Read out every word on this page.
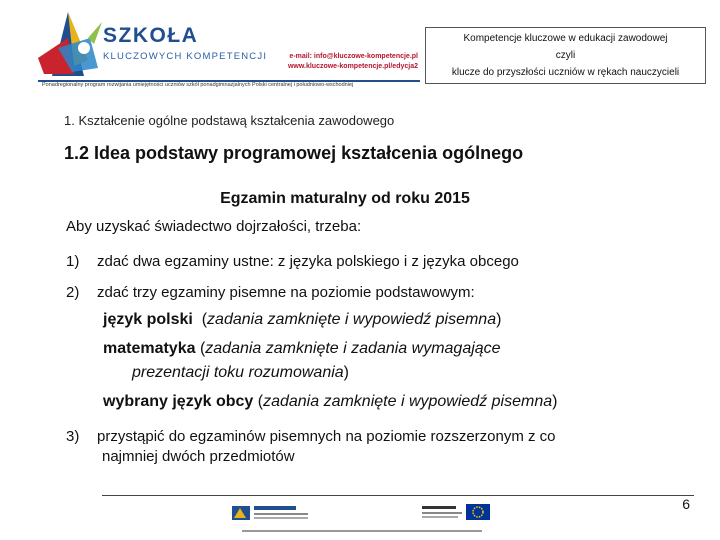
SZKOŁA
KLUCZOWYCH KOMPETENCJI	e-mail: info@kluczowe-kompetencje.pl
www.kluczowe-kompetencje.pl/edycja2
Ponadregionalny program rozwijania umiejętności uczniów szkół ponadgimnazjalnych Polski centralnej i południowo-wschodniej
Kompetencje kluczowe w edukacji zawodowej
czyli
klucze do przyszłości uczniów w rękach nauczycieli
1. Kształcenie ogólne podstawą kształcenia zawodowego
1.2 Idea podstawy programowej kształcenia ogólnego
Egzamin maturalny od roku 2015
Aby uzyskać świadectwo dojrzałości, trzeba:
1) zdać dwa egzaminy ustne: z języka polskiego i z języka obcego
2) zdać trzy egzaminy pisemne na poziomie podstawowym:
język polski (zadania zamknięte i wypowiedź pisemna)
matematyka (zadania zamknięte i zadania wymagające
prezentacji toku rozumowania)
wybrany język obcy (zadania zamknięte i wypowiedź pisemna)
3) przystąpić do egzaminów pisemnych na poziomie rozszerzonym z co
najmniej dwóch przedmiotów
6
